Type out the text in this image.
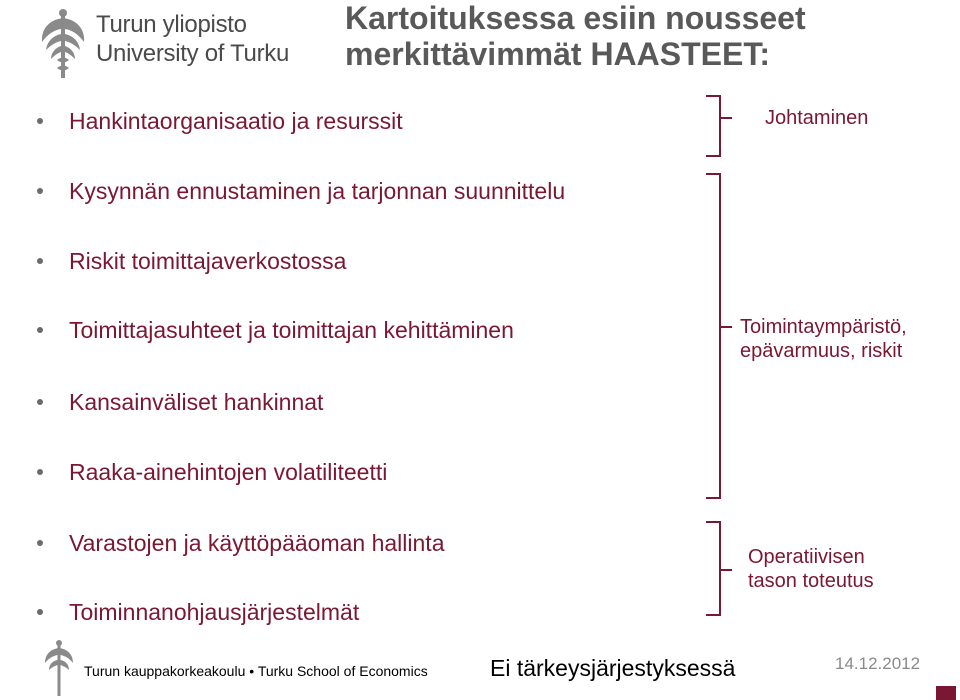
Turun yliopisto
University of Turku
Kartoituksessa esiin nousseet
merkittävimmät HAASTEET:
Hankintaorganisaatio ja resurssit
Kysynnän ennustaminen ja tarjonnan suunnittelu
Riskit toimittajaverkostossa
Toimittajasuhteet ja toimittajan kehittäminen
Kansainväliset hankinnat
Raaka-ainehintojen volatiliteetti
Varastojen ja käyttöpääoman hallinta
Toiminnanohjausjärjestelmät
Johtaminen
Toimintaympäristö,
epävarmuus, riskit
Operatiivisen
tason toteutus
Turun kauppakorkeakoulu • Turku School of Economics	Ei tärkeysjärjestyksessä	14.12.2012
